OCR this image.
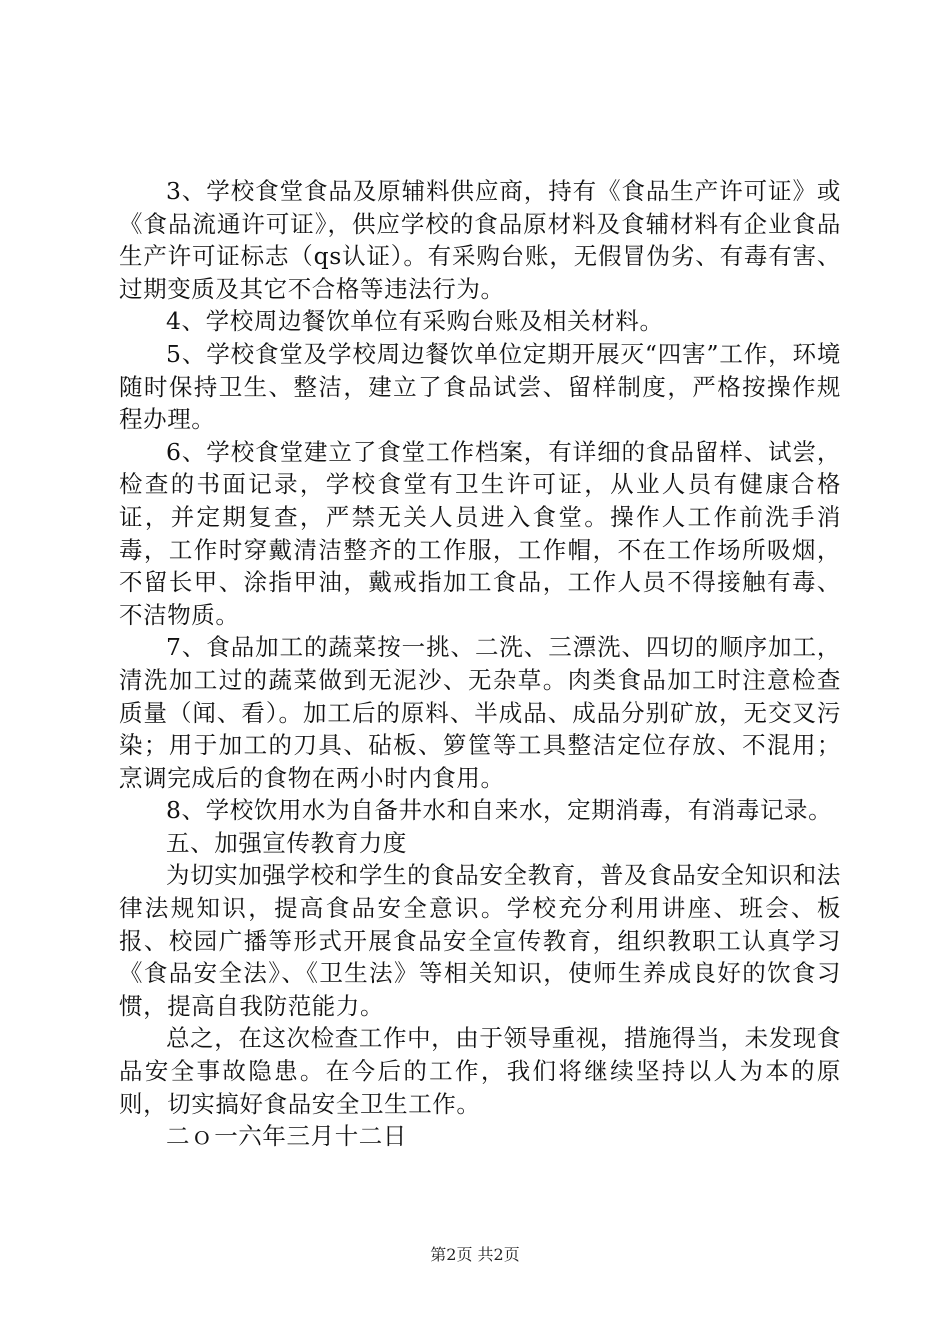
3、学校食堂食品及原辅料供应商，持有《食品生产许可证》或《食品流通许可证》，供应学校的食品原材料及食辅材料有企业食品生产许可证标志（qs认证）。有采购台账，无假冒伪劣、有毒有害、过期变质及其它不合格等违法行为。

4、学校周边餐饮单位有采购台账及相关材料。

5、学校食堂及学校周边餐饮单位定期开展灭“四害”工作，环境随时保持卫生、整洁，建立了食品试尝、留样制度，严格按操作规程办理。

6、学校食堂建立了食堂工作档案，有详细的食品留样、试尝，检查的书面记录，学校食堂有卫生许可证，从业人员有健康合格证，并定期复查，严禁无关人员进入食堂。操作人工作前洗手消毒，工作时穿戴清洁整齐的工作服，工作帽，不在工作场所吸烟，不留长甲、涂指甲油，戴戒指加工食品，工作人员不得接触有毒、不洁物质。

7、食品加工的蔬菜按一挑、二洗、三漂洗、四切的顺序加工，清洗加工过的蔬菜做到无泥沙、无杂草。肉类食品加工时注意检查质量（闻、看）。加工后的原料、半成品、成品分别矿放，无交叉污染；用于加工的刀具、砧板、箩筐等工具整洁定位存放、不混用；烹调完成后的食物在两小时内食用。

8、学校饮用水为自备井水和自来水，定期消毒，有消毒记录。

五、加强宣传教育力度

为切实加强学校和学生的食品安全教育，普及食品安全知识和法律法规知识，提高食品安全意识。学校充分利用讲座、班会、板报、校园广播等形式开展食品安全宣传教育，组织教职工认真学习《食品安全法》、《卫生法》等相关知识，使师生养成良好的饮食习惯，提高自我防范能力。

总之，在这次检查工作中，由于领导重视，措施得当，未发现食品安全事故隐患。在今后的工作，我们将继续坚持以人为本的原则，切实搞好食品安全卫生工作。

二ｏ一六年三月十二日

第2页 共2页
